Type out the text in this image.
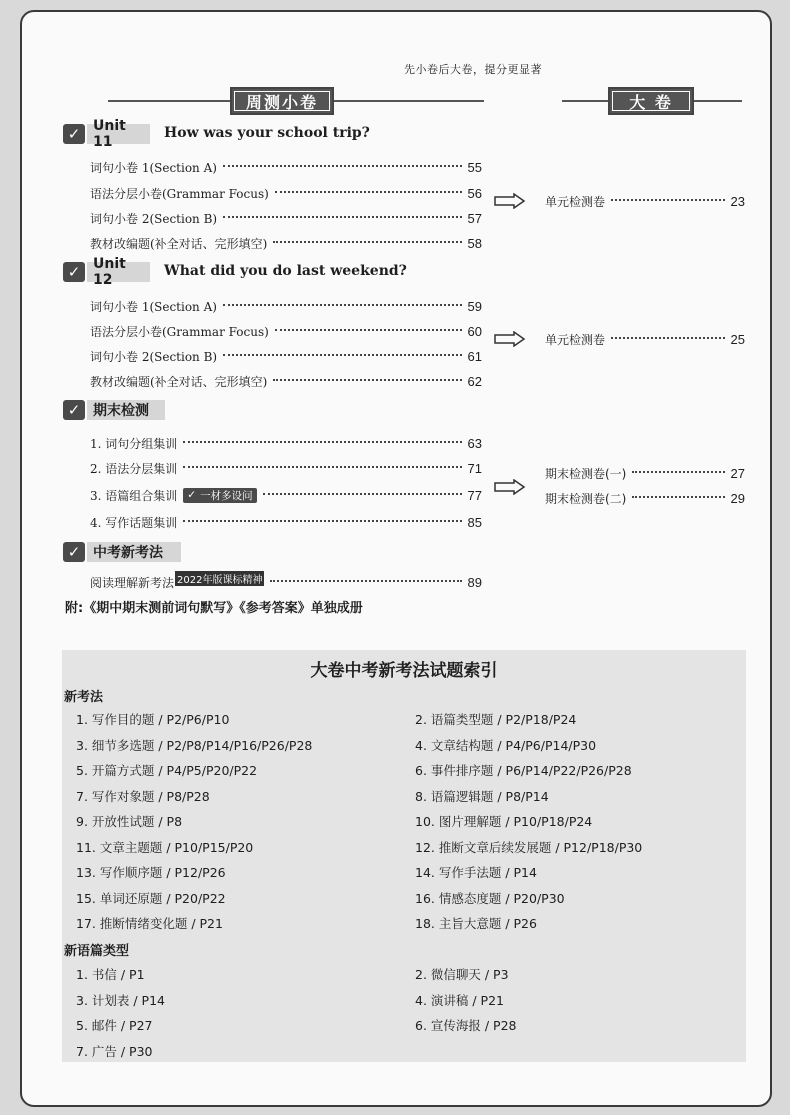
先小卷后大卷，提分更显著
周测小卷	大 卷
✓ Unit 11
How was your school trip?
词句小卷 1(Section A)	55
语法分层小卷(Grammar Focus)	56
词句小卷 2(Section B)	57
教材改编题(补全对话、完形填空)	58
单元检测卷	23
✓ Unit 12
What did you do last weekend?
词句小卷 1(Section A)	59
语法分层小卷(Grammar Focus)	60
词句小卷 2(Section B)	61
教材改编题(补全对话、完形填空)	62
单元检测卷	25
✓ 期末检测
1. 词句分组集训	63
2. 语法分层集训	71
3. 语篇组合集训 ✓ 一材多设问	77
4. 写作话题集训	85
期末检测卷(一)	27
期末检测卷(二)	29
✓ 中考新考法
阅读理解新考法 2022年版课标精神	89
附:《期中期末测前词句默写》《参考答案》单独成册
大卷中考新考法试题索引
新考法
1. 写作目的题 / P2/P6/P10	2. 语篇类型题 / P2/P18/P24
3. 细节多选题 / P2/P8/P14/P16/P26/P28	4. 文章结构题 / P4/P6/P14/P30
5. 开篇方式题 / P4/P5/P20/P22	6. 事件排序题 / P6/P14/P22/P26/P28
7. 写作对象题 / P8/P28	8. 语篇逻辑题 / P8/P14
9. 开放性试题 / P8	10. 图片理解题 / P10/P18/P24
11. 文章主题题 / P10/P15/P20	12. 推断文章后续发展题 / P12/P18/P30
13. 写作顺序题 / P12/P26	14. 写作手法题 / P14
15. 单词还原题 / P20/P22	16. 情感态度题 / P20/P30
17. 推断情绪变化题 / P21	18. 主旨大意题 / P26
新语篇类型
1. 书信 / P1	2. 微信聊天 / P3
3. 计划表 / P14	4. 演讲稿 / P21
5. 邮件 / P27	6. 宣传海报 / P28
7. 广告 / P30
